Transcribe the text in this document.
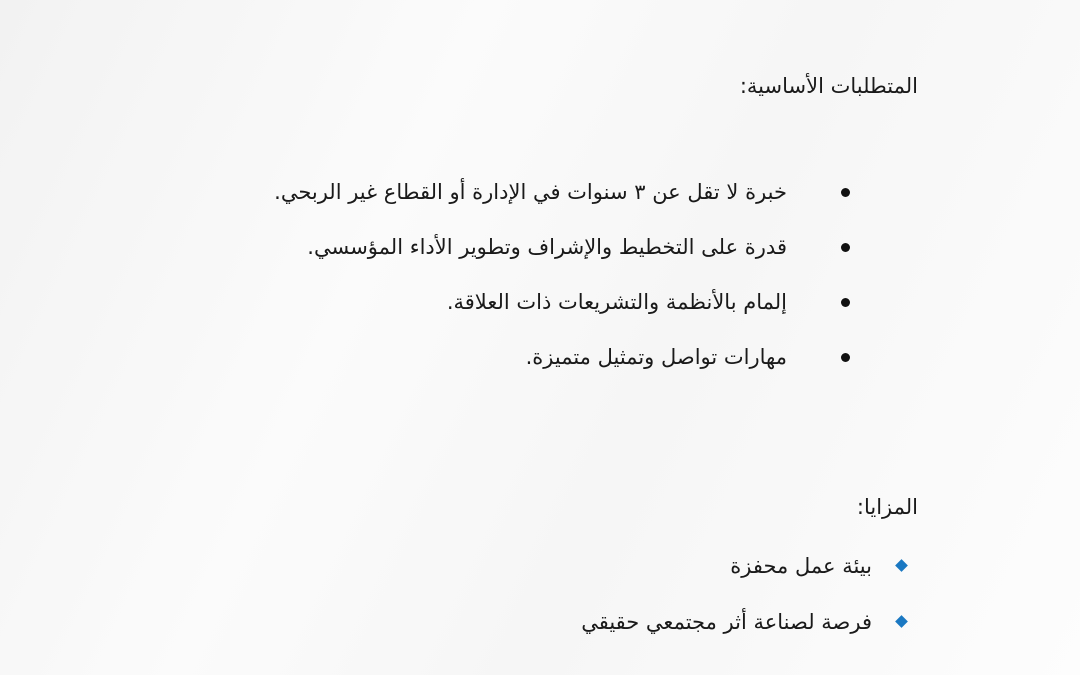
المتطلبات الأساسية:
خبرة لا تقل عن ٣ سنوات في الإدارة أو القطاع غير الربحي.
قدرة على التخطيط والإشراف وتطوير الأداء المؤسسي.
إلمام بالأنظمة والتشريعات ذات العلاقة.
مهارات تواصل وتمثيل متميزة.
المزايا:
بيئة عمل محفزة
فرصة لصناعة أثر مجتمعي حقيقي
